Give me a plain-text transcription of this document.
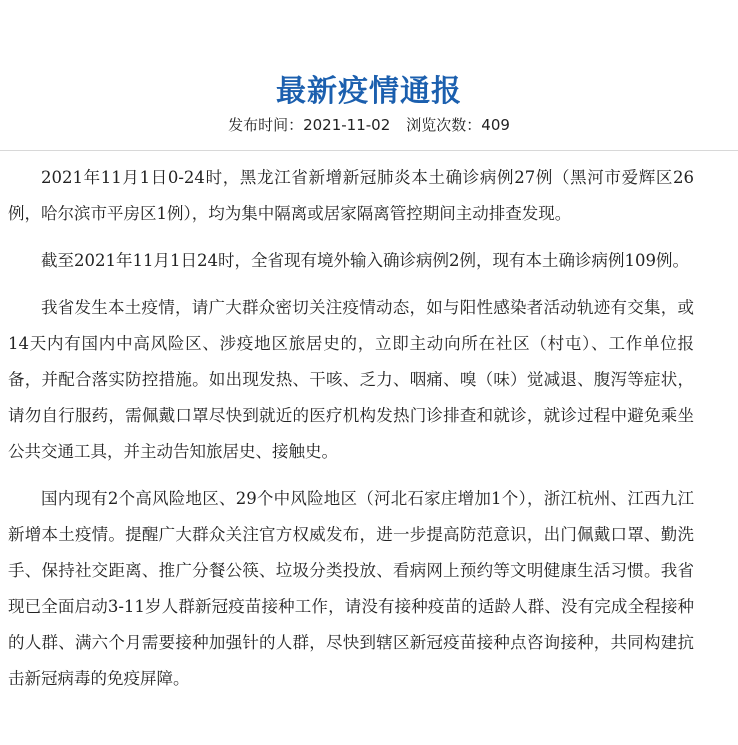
最新疫情通报
发布时间：2021-11-02 浏览次数：409

2021年11月1日0-24时，黑龙江省新增新冠肺炎本土确诊病例27例（黑河市爱辉区26例，哈尔滨市平房区1例），均为集中隔离或居家隔离管控期间主动排查发现。

截至2021年11月1日24时，全省现有境外输入确诊病例2例，现有本土确诊病例109例。

我省发生本土疫情，请广大群众密切关注疫情动态，如与阳性感染者活动轨迹有交集，或14天内有国内中高风险区、涉疫地区旅居史的，立即主动向所在社区（村屯）、工作单位报备，并配合落实防控措施。如出现发热、干咳、乏力、咽痛、嗅（味）觉减退、腹泻等症状，请勿自行服药，需佩戴口罩尽快到就近的医疗机构发热门诊排查和就诊，就诊过程中避免乘坐公共交通工具，并主动告知旅居史、接触史。

国内现有2个高风险地区、29个中风险地区（河北石家庄增加1个），浙江杭州、江西九江新增本土疫情。提醒广大群众关注官方权威发布，进一步提高防范意识，出门佩戴口罩、勤洗手、保持社交距离、推广分餐公筷、垃圾分类投放、看病网上预约等文明健康生活习惯。我省现已全面启动3-11岁人群新冠疫苗接种工作，请没有接种疫苗的适龄人群、没有完成全程接种的人群、满六个月需要接种加强针的人群，尽快到辖区新冠疫苗接种点咨询接种，共同构建抗击新冠病毒的免疫屏障。
